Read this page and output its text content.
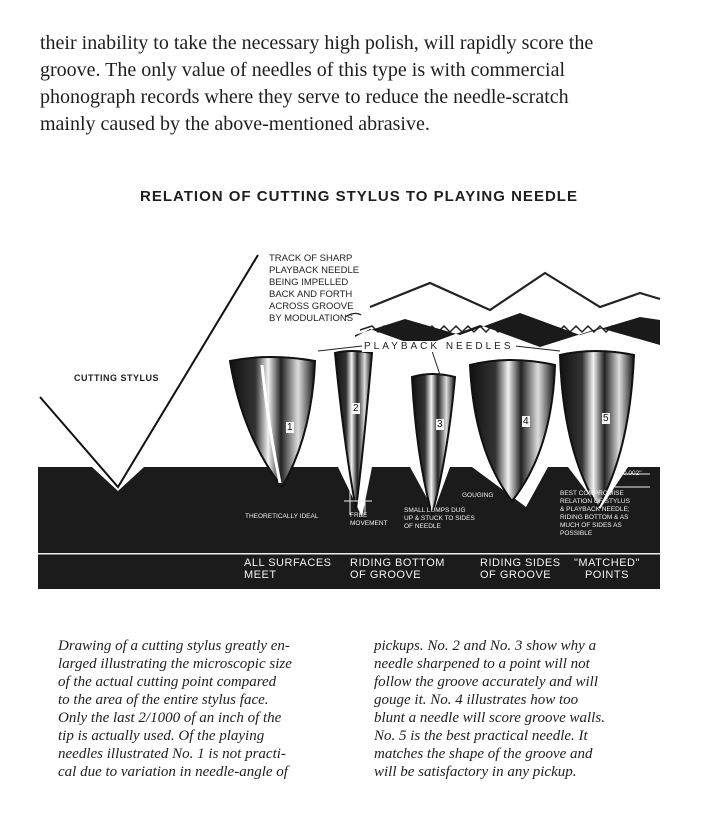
their inability to take the necessary high polish, will rapidly score the
groove. The only value of needles of this type is with commercial
phonograph records where they serve to reduce the needle-scratch
mainly caused by the above-mentioned abrasive.

RELATION OF CUTTING STYLUS TO PLAYING NEEDLE
TRACK OF SHARP
PLAYBACK NEEDLE
BEING IMPELLED
BACK AND FORTH
ACROSS GROOVE
BY MODULATIONS
CUTTING STYLUS
PLAYBACK NEEDLES
1
2
3	4	5
0.002"
THEORETICALLY IDEAL	FREE
MOVEMENT
GOUGING
SMALL LUMPS DUG
UP & STUCK TO SIDES
OF NEEDLE
BEST COMPROMISE
RELATION OF STYLUS
& PLAYBACK NEEDLE;
RIDING BOTTOM & AS
MUCH OF SIDES AS
POSSIBLE
ALL SURFACES
MEET
RIDING BOTTOM
OF GROOVE
RIDING SIDES
OF GROOVE
"MATCHED"
POINTS

Drawing of a cutting stylus greatly en-
larged illustrating the microscopic size
of the actual cutting point compared
to the area of the entire stylus face.
Only the last 2/1000 of an inch of the
tip is actually used. Of the playing
needles illustrated No. 1 is not practi-
cal due to variation in needle-angle of

pickups. No. 2 and No. 3 show why a
needle sharpened to a point will not
follow the groove accurately and will
gouge it. No. 4 illustrates how too
blunt a needle will score groove walls.
No. 5 is the best practical needle. It
matches the shape of the groove and
will be satisfactory in any pickup.
